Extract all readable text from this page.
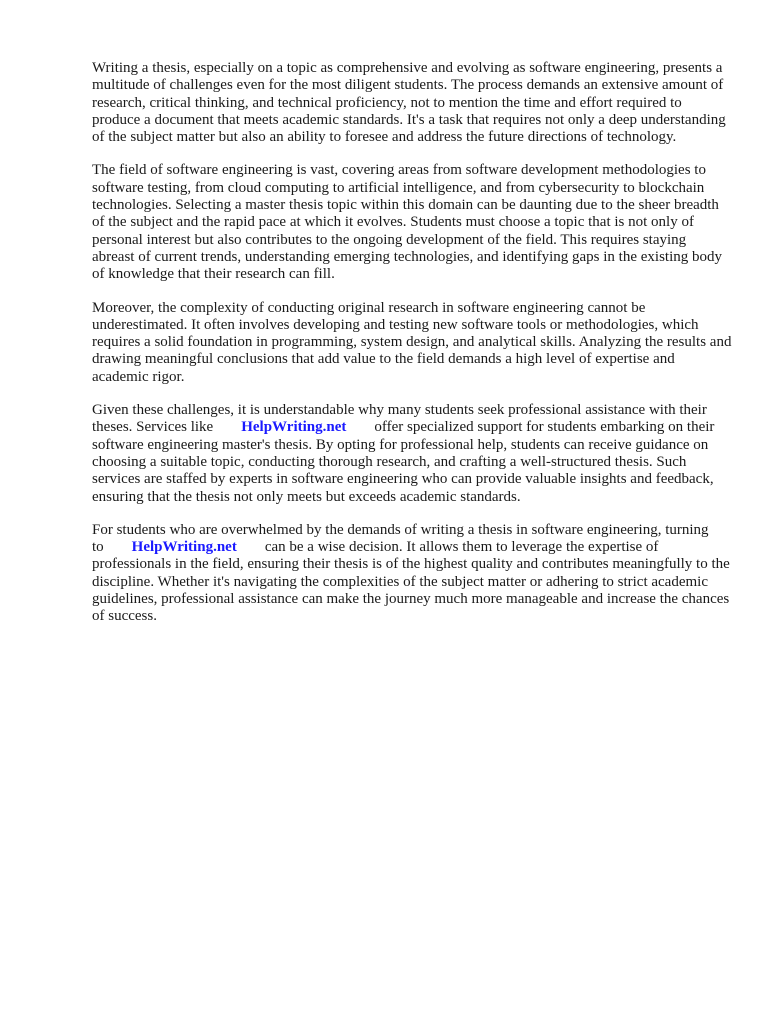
Writing a thesis, especially on a topic as comprehensive and evolving as software engineering, presents a multitude of challenges even for the most diligent students. The process demands an extensive amount of research, critical thinking, and technical proficiency, not to mention the time and effort required to produce a document that meets academic standards. It's a task that requires not only a deep understanding of the subject matter but also an ability to foresee and address the future directions of technology.

The field of software engineering is vast, covering areas from software development methodologies to software testing, from cloud computing to artificial intelligence, and from cybersecurity to blockchain technologies. Selecting a master thesis topic within this domain can be daunting due to the sheer breadth of the subject and the rapid pace at which it evolves. Students must choose a topic that is not only of personal interest but also contributes to the ongoing development of the field. This requires staying abreast of current trends, understanding emerging technologies, and identifying gaps in the existing body of knowledge that their research can fill.

Moreover, the complexity of conducting original research in software engineering cannot be underestimated. It often involves developing and testing new software tools or methodologies, which requires a solid foundation in programming, system design, and analytical skills. Analyzing the results and drawing meaningful conclusions that add value to the field demands a high level of expertise and academic rigor.

Given these challenges, it is understandable why many students seek professional assistance with their theses. Services like HelpWriting.net offer specialized support for students embarking on their software engineering master's thesis. By opting for professional help, students can receive guidance on choosing a suitable topic, conducting thorough research, and crafting a well-structured thesis. Such services are staffed by experts in software engineering who can provide valuable insights and feedback, ensuring that the thesis not only meets but exceeds academic standards.

For students who are overwhelmed by the demands of writing a thesis in software engineering, turning to HelpWriting.net can be a wise decision. It allows them to leverage the expertise of professionals in the field, ensuring their thesis is of the highest quality and contributes meaningfully to the discipline. Whether it's navigating the complexities of the subject matter or adhering to strict academic guidelines, professional assistance can make the journey much more manageable and increase the chances of success.
